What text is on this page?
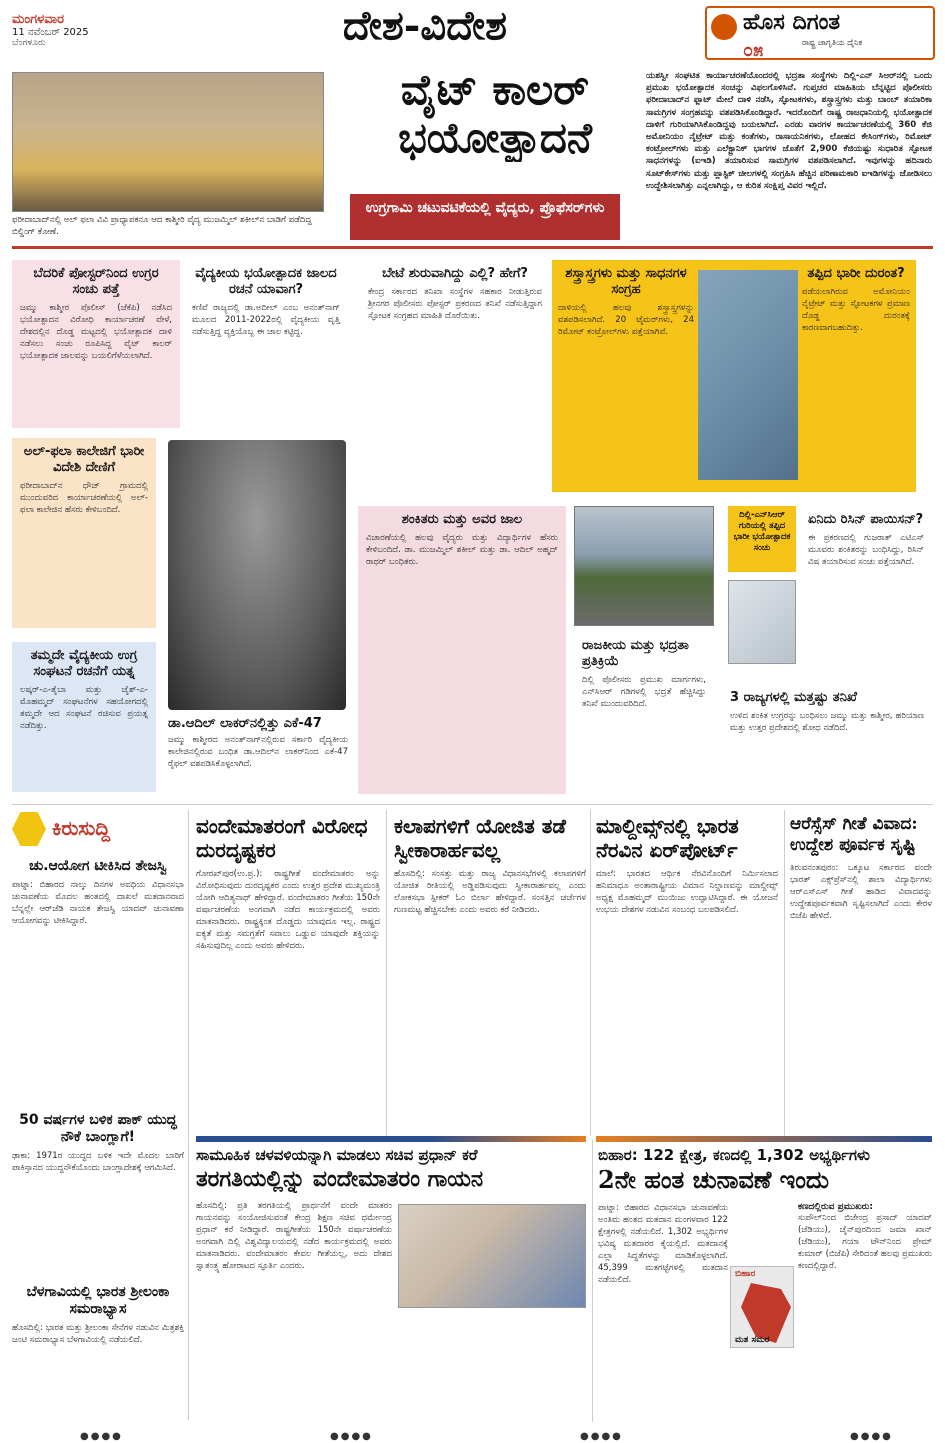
ಮಂಗಳವಾರ
11 ನವೆಂಬರ್ 2025
ಬೆಂಗಳೂರು	ದೇಶ-ವಿದೇಶ	ಹೊಸ ದಿಗಂತ
೦೫	ರಾಷ್ಟ್ರ ಜಾಗೃತಿಯ ದೈನಿಕ
ಫರೀದಾಬಾದ್‌ನಲ್ಲಿ ಅಲ್ ಫಲಾ ವಿವಿ ಪ್ರಾಧ್ಯಾಪಕನೂ ಆದ ಕಾಶ್ಮೀರಿ ವೈದ್ಯ ಮುಜಮ್ಮಿಲ್ ಶಕೀಲ್‌ನ ಬಾಡಿಗೆ ಪಡೆದಿದ್ದ ಬಿಲ್ಡಿಂಗ್ ಕೋಣೆ.
ವೈಟ್ ಕಾಲರ್
ಭಯೋತ್ಪಾದನೆ
ಉಗ್ರಗಾಮಿ ಚಟುವಟಿಕೆಯಲ್ಲಿ ವೈದ್ಯರು, ಪ್ರೊಫೆಸರ್‌ಗಳು
ಯಶಸ್ವೀ ಸಂಘಟಿತ ಕಾರ್ಯಾಚರಣೆಯೊಂದರಲ್ಲಿ ಭದ್ರತಾ ಸಂಸ್ಥೆಗಳು ದಿಲ್ಲಿ-ಎನ್ ಸಿಆರ್‌ನಲ್ಲಿ ಒಂದು ಪ್ರಮುಖ ಭಯೋತ್ಪಾದಕ ಸಂಚನ್ನು ವಿಫಲಗೊಳಿಸಿವೆ. ಗುಪ್ತಚರ ಮಾಹಿತಿಯ ಬೆನ್ನಟ್ಟಿದ ಪೊಲೀಸರು ಫರೀದಾಬಾದ್‌ನ ಫ್ಲಾಟ್ ಮೇಲೆ ದಾಳಿ ನಡೆಸಿ, ಸ್ಫೋಟಕಗಳು, ಶಸ್ತ್ರಾಸ್ತ್ರಗಳು ಮತ್ತು ಬಾಂಬ್ ತಯಾರಿಕಾ ಸಾಮಗ್ರಿಗಳ ಸಂಗ್ರಹವನ್ನು ವಶಪಡಿಸಿಕೊಂಡಿದ್ದಾರೆ. ಇದರೊಂದಿಗೆ ರಾಷ್ಟ್ರ ರಾಜಧಾನಿಯಲ್ಲಿ ಭಯೋತ್ಪಾದಕ ದಾಳಿಗೆ ಗುರಿಯಾಗಿಸಿಕೊಂಡಿದ್ದವು ಬಯಲಾಗಿದೆ. ಎರಡು ವಾರಗಳ ಕಾರ್ಯಾಚರಣೆಯಲ್ಲಿ 360 ಕೆಜಿ ಅಮೋನಿಯಂ ನೈಟ್ರೇಟ್ ಮತ್ತು ಕಂತೆಗಳು, ರಾಸಾಯನಿಕಗಳು, ಲೋಹದ ಕೇಸಿಂಗ್‌ಗಳು, ರಿಮೋಟ್ ಕಂಟ್ರೋಲ್‌ಗಳು ಮತ್ತು ಎಲೆಕ್ಟ್ರಾನಿಕ್ ಭಾಗಗಳ ಜೊತೆಗೆ 2,900 ಕೆಜಿಯಷ್ಟು ಸುಧಾರಿತ ಸ್ಫೋಟಕ ಸಾಧನಗಳನ್ನು (ಐಇಡಿ) ತಯಾರಿಸುವ ಸಾಮಗ್ರಿಗಳ ವಶಪಡಿಸಲಾಗಿದೆ. ಇವುಗಳನ್ನು ಹದಿನಾರು ಸೂಟ್‌ಕೇಸ್‌ಗಳು ಮತ್ತು ಪ್ಲಾಸ್ಟಿಕ್ ಚೀಲಗಳಲ್ಲಿ ಸಂಗ್ರಹಿಸಿ ಹೆಚ್ಚಿನ ಪರಿಣಾಮಕಾರಿ ಐಇಡಿಗಳನ್ನು ಜೋಡಿಸಲು ಉದ್ದೇಶಿಸಲಾಗಿತ್ತು ಎನ್ನಲಾಗಿದ್ದು, ಆ ಕುರಿತ ಸಂಕ್ಷಿಪ್ತ ವಿವರ ಇಲ್ಲಿದೆ.
ಬೆದರಿಕೆ ಪೋಸ್ಟರ್‌ನಿಂದ ಉಗ್ರರ ಸಂಚು ಪತ್ತೆ
ಜಮ್ಮು ಕಾಶ್ಮೀರ ಪೊಲೀಸ್ (ಜೆಕೆಪಿ) ನಡೆಸಿದ ಭಯೋತ್ಪಾದನ ವಿರೋಧಿ ಕಾರ್ಯಾಚರಣೆ ವೇಳೆ, ದೇಶದಲ್ಲಿನ ದೊಡ್ಡ ಮಟ್ಟದಲ್ಲಿ ಭಯೋತ್ಪಾದಕ ದಾಳಿ ನಡೆಸಲು ಸಂಚು ರೂಪಿಸಿದ್ದ ವೈಟ್ ಕಾಲರ್ ಭಯೋತ್ಪಾದಕ ಜಾಲವನ್ನು ಬಯಲಿಗೆಳೆಯಲಾಗಿದೆ.
ವೈದ್ಯಕೀಯ ಭಯೋತ್ಪಾದಕ ಜಾಲದ ರಚನೆ ಯಾವಾಗ?
ಕಣಿವೆ ರಾಜ್ಯದಲ್ಲಿ ಡಾ.ಅದೀಲ್ ಎಂಬ ಅನಂತ್‌ನಾಗ್ ಮೂಲದ 2011-2022ರಲ್ಲಿ ವೈದ್ಯಕೀಯ ವೃತ್ತಿ ನಡೆಸುತ್ತಿದ್ದ ವ್ಯಕ್ತಿಯೊಬ್ಬ ಈ ಜಾಲ ಕಟ್ಟಿದ್ದ.
ಬೇಟೆ ಶುರುವಾಗಿದ್ದು ಎಲ್ಲಿ? ಹೇಗೆ?
ಕೇಂದ್ರ ಸರ್ಕಾರದ ತನಿಖಾ ಸಂಸ್ಥೆಗಳ ಸಹಕಾರ ನೀಡುತ್ತಿರುವ ಶ್ರೀನಗರ ಪೊಲೀಸರು ಪೋಸ್ಟರ್ ಪ್ರಕರಣದ ತನಿಖೆ ನಡೆಸುತ್ತಿದ್ದಾಗ ಸ್ಫೋಟಕ ಸಂಗ್ರಹದ ಮಾಹಿತಿ ದೊರೆಯಿತು.
ಶಸ್ತ್ರಾಸ್ತ್ರಗಳು ಮತ್ತು ಸಾಧನಗಳ ಸಂಗ್ರಹ
ದಾಳಿಯಲ್ಲಿ ಹಲವು ಶಸ್ತ್ರಾಸ್ತ್ರಗಳನ್ನು ವಶಪಡಿಸಲಾಗಿದೆ. 20 ಟೈಮರ್‌ಗಳು, 24 ರಿಮೋಟ್ ಕಂಟ್ರೋಲ್‌ಗಳು ಪತ್ತೆಯಾಗಿವೆ.
ತಪ್ಪಿದ ಭಾರೀ ದುರಂತ?
ಪಡೆಯಲಾಗಿರುವ ಅಮೋನಿಯಂ ನೈಟ್ರೇಟ್ ಮತ್ತು ಸ್ಫೋಟಕಗಳ ಪ್ರಮಾಣ ದೊಡ್ಡ ದುರಂತಕ್ಕೆ ಕಾರಣವಾಗಬಹುದಿತ್ತು.
ಅಲ್-ಫಲಾ ಕಾಲೇಜಿಗೆ ಭಾರೀ ವಿದೇಶಿ ದೇಣಿಗೆ
ಫರೀದಾಬಾದ್‌ನ ಧೌಜ್ ಗ್ರಾಮದಲ್ಲಿ ಮುಂದುವರಿದ ಕಾರ್ಯಾಚರಣೆಯಲ್ಲಿ ಅಲ್-ಫಲಾ ಕಾಲೇಜಿನ ಹೆಸರು ಕೇಳಿಬಂದಿದೆ.
ಡಾ.ಆದಿಲ್ ಲಾಕರ್‌ನಲ್ಲಿತ್ತು ಎಕೆ-47
ಜಮ್ಮು ಕಾಶ್ಮೀರದ ಅನಂತ್‌ನಾಗ್‌ನಲ್ಲಿರುವ ಸರ್ಕಾರಿ ವೈದ್ಯಕೀಯ ಕಾಲೇಜಿನಲ್ಲಿರುವ ಬಂಧಿತ ಡಾ.ಆದಿಲ್‌ನ ಲಾಕರ್‌ನಿಂದ ಎಕೆ-47 ರೈಫಲ್ ವಶಪಡಿಸಿಕೊಳ್ಳಲಾಗಿದೆ.
ತಮ್ಮದೇ ವೈದ್ಯಕೀಯ ಉಗ್ರ ಸಂಘಟನೆ ರಚನೆಗೆ ಯತ್ನ
ಲಷ್ಕರ್-ಎ-ತೈಬಾ ಮತ್ತು ಜೈಶ್-ಎ-ಮೊಹಮ್ಮದ್ ಸಂಘಟನೆಗಳ ಸಹಯೋಗದಲ್ಲಿ ತಮ್ಮದೇ ಆದ ಸಂಘಟನೆ ರಚಿಸುವ ಪ್ರಯತ್ನ ನಡೆದಿತ್ತು.
ಶಂಕಿತರು ಮತ್ತು ಅವರ ಜಾಲ
ವಿಚಾರಣೆಯಲ್ಲಿ ಹಲವು ವೈದ್ಯರು ಮತ್ತು ವಿದ್ಯಾರ್ಥಿಗಳ ಹೆಸರು ಕೇಳಿಬಂದಿದೆ. ಡಾ. ಮುಜಮ್ಮಿಲ್ ಶಕೀಲ್ ಮತ್ತು ಡಾ. ಆದಿಲ್ ಅಹ್ಮದ್ ರಾಥರ್ ಬಂಧಿತರು.
ರಾಜಕೀಯ ಮತ್ತು ಭದ್ರತಾ ಪ್ರತಿಕ್ರಿಯೆ
ದಿಲ್ಲಿ ಪೊಲೀಸರು ಪ್ರಮುಖ ಮಾರ್ಗಗಳು, ಎನ್‌ಸಿಆರ್ ಗಡಿಗಳಲ್ಲಿ ಭದ್ರತೆ ಹೆಚ್ಚಿಸಿದ್ದು ತನಿಖೆ ಮುಂದುವರಿದಿದೆ.
ದಿಲ್ಲಿ-ಎನ್‌ಸಿಆರ್ ಗುರಿಯಲ್ಲಿ ತಪ್ಪಿದ ಭಾರೀ ಭಯೋತ್ಪಾದಕ ಸಂಚು
ಏನಿದು ರಿಸಿನ್ ಪಾಯಿಸನ್?
ಈ ಪ್ರಕರಣದಲ್ಲಿ ಗುಜರಾತ್ ಎಟಿಎಸ್ ಮೂವರು ಶಂಕಿತರನ್ನು ಬಂಧಿಸಿದ್ದು, ರಿಸಿನ್ ವಿಷ ತಯಾರಿಸುವ ಸಂಚು ಪತ್ತೆಯಾಗಿದೆ.
3 ರಾಜ್ಯಗಳಲ್ಲಿ ಮತ್ತಷ್ಟು ತನಿಖೆ
ಉಳಿದ ಶಂಕಿತ ಉಗ್ರರನ್ನು ಬಂಧಿಸಲು ಜಮ್ಮು ಮತ್ತು ಕಾಶ್ಮೀರ, ಹರಿಯಾಣ ಮತ್ತು ಉತ್ತರ ಪ್ರದೇಶದಲ್ಲಿ ಶೋಧ ನಡೆದಿದೆ.
ಕಿರುಸುದ್ದಿ
ಚು.ಆಯೋಗ ಟೀಕಿಸಿದ ತೇಜಸ್ವಿ
ಪಾಟ್ನಾ: ಬಿಹಾರದ ನಾಲ್ಕು ದಿನಗಳ ಅವಧಿಯ ವಿಧಾನಸಭಾ ಚುನಾವಣೆಯ ಮೊದಲ ಹಂತದಲ್ಲಿ ದಾಖಲೆ ಮತದಾನವಾದ ಬೆನ್ನಲ್ಲೇ ಆರ್‌ಜೆಡಿ ನಾಯಕ ತೇಜಸ್ವಿ ಯಾದವ್ ಚುನಾವಣಾ ಆಯೋಗವನ್ನು ಟೀಕಿಸಿದ್ದಾರೆ.
50 ವರ್ಷಗಳ ಬಳಿಕ ಪಾಕ್ ಯುದ್ಧ ನೌಕೆ ಬಾಂಗ್ಲಾಗೆ!
ಢಾಕಾ: 1971ರ ಯುದ್ಧದ ಬಳಿಕ ಇದೇ ಮೊದಲ ಬಾರಿಗೆ ಪಾಕಿಸ್ತಾನದ ಯುದ್ಧನೌಕೆಯೊಂದು ಬಾಂಗ್ಲಾದೇಶಕ್ಕೆ ಆಗಮಿಸಿದೆ.
ಬೆಳಗಾವಿಯಲ್ಲಿ ಭಾರತ ಶ್ರೀಲಂಕಾ ಸಮರಾಭ್ಯಾಸ
ಹೊಸದಿಲ್ಲಿ: ಭಾರತ ಮತ್ತು ಶ್ರೀಲಂಕಾ ಸೇನೆಗಳ ನಡುವಿನ ಮಿತ್ರಶಕ್ತಿ ಜಂಟಿ ಸಮರಾಭ್ಯಾಸ ಬೆಳಗಾವಿಯಲ್ಲಿ ನಡೆಯಲಿದೆ.
ವಂದೇಮಾತರಂಗೆ ವಿರೋಧ ದುರದೃಷ್ಟಕರ
ಗೋರಖ್‌ಪುರ(ಉ.ಪ್ರ.): ರಾಷ್ಟ್ರಗೀತೆ ವಂದೇಮಾತರಂ ಅನ್ನು ವಿರೋಧಿಸುವುದು ದುರದೃಷ್ಟಕರ ಎಂದು ಉತ್ತರ ಪ್ರದೇಶ ಮುಖ್ಯಮಂತ್ರಿ ಯೋಗಿ ಆದಿತ್ಯನಾಥ್ ಹೇಳಿದ್ದಾರೆ. ವಂದೇಮಾತರಂ ಗೀತೆಯ 150ನೇ ವರ್ಷಾಚರಣೆಯ ಅಂಗವಾಗಿ ನಡೆದ ಕಾರ್ಯಕ್ರಮದಲ್ಲಿ ಅವರು ಮಾತನಾಡಿದರು. ರಾಷ್ಟ್ರಕ್ಕಿಂತ ದೊಡ್ಡದು ಯಾವುದೂ ಇಲ್ಲ. ರಾಷ್ಟ್ರದ ಐಕ್ಯತೆ ಮತ್ತು ಸಮಗ್ರತೆಗೆ ಸವಾಲು ಒಡ್ಡುವ ಯಾವುದೇ ಶಕ್ತಿಯನ್ನು ಸಹಿಸುವುದಿಲ್ಲ ಎಂದು ಅವರು ಹೇಳಿದರು.
ಕಲಾಪಗಳಿಗೆ ಯೋಜಿತ ತಡೆ ಸ್ವೀಕಾರಾರ್ಹವಲ್ಲ
ಹೊಸದಿಲ್ಲಿ: ಸಂಸತ್ತು ಮತ್ತು ರಾಜ್ಯ ವಿಧಾನಸಭೆಗಳಲ್ಲಿ ಕಲಾಪಗಳಿಗೆ ಯೋಜಿತ ರೀತಿಯಲ್ಲಿ ಅಡ್ಡಿಪಡಿಸುವುದು ಸ್ವೀಕಾರಾರ್ಹವಲ್ಲ ಎಂದು ಲೋಕಸಭಾ ಸ್ಪೀಕರ್ ಓಂ ಬಿರ್ಲಾ ಹೇಳಿದ್ದಾರೆ. ಸಂಸತ್ತಿನ ಚರ್ಚೆಗಳ ಗುಣಮಟ್ಟ ಹೆಚ್ಚಿಸಬೇಕು ಎಂದು ಅವರು ಕರೆ ನೀಡಿದರು.
ಮಾಲ್ದೀವ್ಸ್‌ನಲ್ಲಿ ಭಾರತ ನೆರವಿನ ಏರ್‌ಪೋರ್ಟ್
ಮಾಲೆ: ಭಾರತದ ಆರ್ಥಿಕ ನೆರವಿನೊಂದಿಗೆ ನಿರ್ಮಿಸಲಾದ ಹನಿಮಾಧೂ ಅಂತಾರಾಷ್ಟ್ರೀಯ ವಿಮಾನ ನಿಲ್ದಾಣವನ್ನು ಮಾಲ್ದೀವ್ಸ್ ಅಧ್ಯಕ್ಷ ಮೊಹಮ್ಮದ್ ಮುಯಿಜು ಉದ್ಘಾಟಿಸಿದ್ದಾರೆ. ಈ ಯೋಜನೆ ಉಭಯ ದೇಶಗಳ ನಡುವಿನ ಸಂಬಂಧ ಬಲಪಡಿಸಲಿದೆ.
ಆರೆಸ್ಸೆಸ್ ಗೀತೆ ವಿವಾದ: ಉದ್ದೇಶ ಪೂರ್ವಕ ಸೃಷ್ಟಿ
ತಿರುವನಂತಪುರಂ: ಒಕ್ಕೂಟ ಸರ್ಕಾರದ ವಂದೇ ಭಾರತ್ ಎಕ್ಸ್‌ಪ್ರೆಸ್‌ನಲ್ಲಿ ಶಾಲಾ ವಿದ್ಯಾರ್ಥಿಗಳು ಆರ್‌ಎಸ್‌ಎಸ್ ಗೀತೆ ಹಾಡಿದ ವಿವಾದವನ್ನು ಉದ್ದೇಶಪೂರ್ವಕವಾಗಿ ಸೃಷ್ಟಿಸಲಾಗಿದೆ ಎಂದು ಕೇರಳ ಬಿಜೆಪಿ ಹೇಳಿದೆ.
ಸಾಮೂಹಿಕ ಚಳವಳಿಯನ್ನಾಗಿ ಮಾಡಲು ಸಚಿವ ಪ್ರಧಾನ್ ಕರೆ
ತರಗತಿಯಲ್ಲಿನ್ನು ವಂದೇಮಾತರಂ ಗಾಯನ
ಹೊಸದಿಲ್ಲಿ: ಪ್ರತಿ ತರಗತಿಯಲ್ಲಿ ಪ್ರಾರ್ಥನೆಗೆ ವಂದೇ ಮಾತರಂ ಗಾಯನವನ್ನು ಸಂಯೋಜಿಸುವಂತೆ ಕೇಂದ್ರ ಶಿಕ್ಷಣ ಸಚಿವ ಧರ್ಮೇಂದ್ರ ಪ್ರಧಾನ್ ಕರೆ ನೀಡಿದ್ದಾರೆ. ರಾಷ್ಟ್ರಗೀತೆಯ 150ನೇ ವರ್ಷಾಚರಣೆಯ ಅಂಗವಾಗಿ ದಿಲ್ಲಿ ವಿಶ್ವವಿದ್ಯಾಲಯದಲ್ಲಿ ನಡೆದ ಕಾರ್ಯಕ್ರಮದಲ್ಲಿ ಅವರು ಮಾತನಾಡಿದರು. ವಂದೇಮಾತರಂ ಕೇವಲ ಗೀತೆಯಲ್ಲ, ಅದು ದೇಶದ ಸ್ವಾತಂತ್ರ್ಯ ಹೋರಾಟದ ಸ್ಫೂರ್ತಿ ಎಂದರು.
ಬಿಹಾರ: 122 ಕ್ಷೇತ್ರ, ಕಣದಲ್ಲಿ 1,302 ಅಭ್ಯರ್ಥಿಗಳು
2ನೇ ಹಂತ ಚುನಾವಣೆ ಇಂದು
ಪಾಟ್ನಾ: ಬಿಹಾರದ ವಿಧಾನಸಭಾ ಚುನಾವಣೆಯ ಅಂತಿಮ ಹಂತದ ಮತದಾನ ಮಂಗಳವಾರ 122 ಕ್ಷೇತ್ರಗಳಲ್ಲಿ ನಡೆಯಲಿದೆ. 1,302 ಅಭ್ಯರ್ಥಿಗಳ ಭವಿಷ್ಯ ಮತದಾರರ ಕೈಯಲ್ಲಿದೆ. ಮತದಾನಕ್ಕೆ ಎಲ್ಲಾ ಸಿದ್ಧತೆಗಳನ್ನು ಮಾಡಿಕೊಳ್ಳಲಾಗಿದೆ. 45,399 ಮತಗಟ್ಟೆಗಳಲ್ಲಿ ಮತದಾನ ನಡೆಯಲಿದೆ.
ಬಿಹಾರ
ಮತ ಸಮರ
ಕಣದಲ್ಲಿರುವ ಪ್ರಮುಖರು:
ಸುಪೌಲ್‌ನಿಂದ ಬಿಜೇಂದ್ರ ಪ್ರಸಾದ್ ಯಾದವ್ (ಜೆಡಿಯು), ಚೈನ್‌ಪುರದಿಂದ ಜಮಾ ಖಾನ್ (ಜೆಡಿಯು), ಗಯಾ ಟೌನ್‌ನಿಂದ ಪ್ರೇಮ್ ಕುಮಾರ್ (ಬಿಜೆಪಿ) ಸೇರಿದಂತೆ ಹಲವು ಪ್ರಮುಖರು ಕಣದಲ್ಲಿದ್ದಾರೆ.
●●●●	●●●●	●●●●	●●●●
